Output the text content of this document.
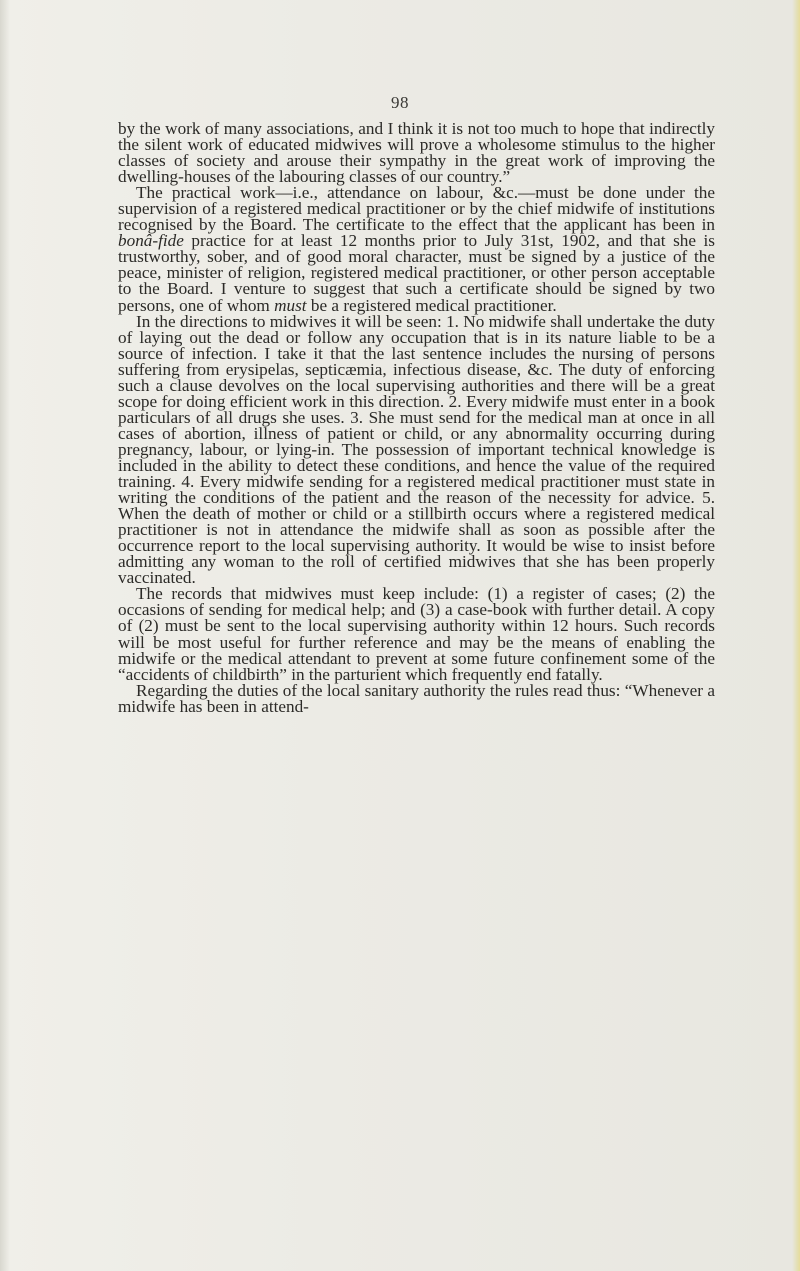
98

by the work of many associations, and I think it is not too much to hope that indirectly the silent work of educated midwives will prove a wholesome stimulus to the higher classes of society and arouse their sympathy in the great work of improving the dwelling-houses of the labouring classes of our country.”

The practical work—i.e., attendance on labour, &c.—must be done under the supervision of a registered medical practitioner or by the chief midwife of institutions recognised by the Board. The certificate to the effect that the applicant has been in bonâ-fide practice for at least 12 months prior to July 31st, 1902, and that she is trustworthy, sober, and of good moral character, must be signed by a justice of the peace, minister of religion, registered medical practitioner, or other person acceptable to the Board. I venture to suggest that such a certificate should be signed by two persons, one of whom must be a registered medical practitioner.

In the directions to midwives it will be seen: 1. No midwife shall undertake the duty of laying out the dead or follow any occupation that is in its nature liable to be a source of infection. I take it that the last sentence includes the nursing of persons suffering from erysipelas, septicæmia, infectious disease, &c. The duty of enforcing such a clause devolves on the local supervising authorities and there will be a great scope for doing efficient work in this direction. 2. Every midwife must enter in a book particulars of all drugs she uses. 3. She must send for the medical man at once in all cases of abortion, illness of patient or child, or any abnormality occurring during pregnancy, labour, or lying-in. The possession of important technical knowledge is included in the ability to detect these conditions, and hence the value of the required training. 4. Every midwife sending for a registered medical practitioner must state in writing the conditions of the patient and the reason of the necessity for advice. 5. When the death of mother or child or a stillbirth occurs where a registered medical practitioner is not in attendance the midwife shall as soon as possible after the occurrence report to the local supervising authority. It would be wise to insist before admitting any woman to the roll of certified midwives that she has been properly vaccinated.

The records that midwives must keep include: (1) a register of cases; (2) the occasions of sending for medical help; and (3) a case-book with further detail. A copy of (2) must be sent to the local supervising authority within 12 hours. Such records will be most useful for further reference and may be the means of enabling the midwife or the medical attendant to prevent at some future confinement some of the “accidents of childbirth” in the parturient which frequently end fatally.

Regarding the duties of the local sanitary authority the rules read thus: “Whenever a midwife has been in attend-
